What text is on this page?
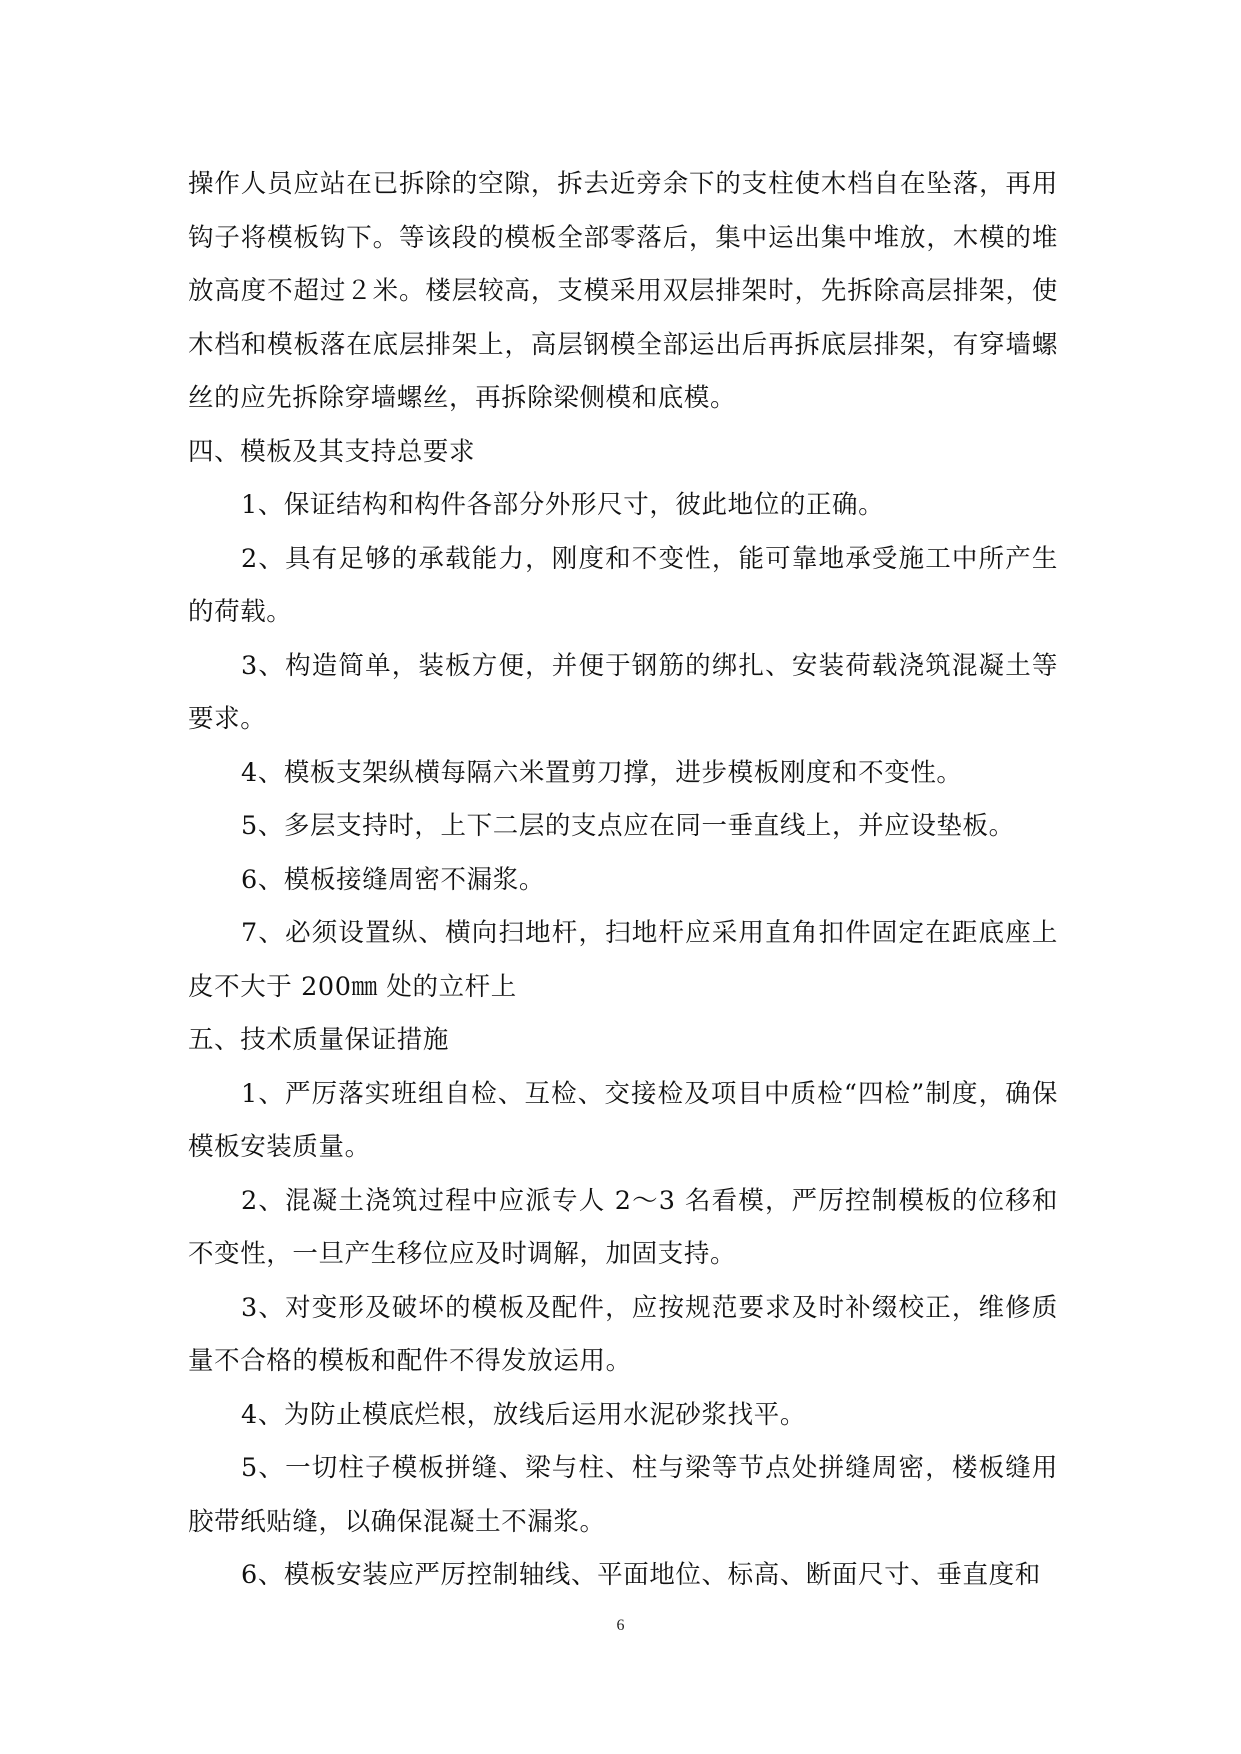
操作人员应站在已拆除的空隙，拆去近旁余下的支柱使木档自在坠落，再用钩子将模板钩下。等该段的模板全部零落后，集中运出集中堆放，木模的堆放高度不超过２米。楼层较高，支模采用双层排架时，先拆除高层排架，使木档和模板落在底层排架上，高层钢模全部运出后再拆底层排架，有穿墙螺丝的应先拆除穿墙螺丝，再拆除梁侧模和底模。

四、模板及其支持总要求

1、保证结构和构件各部分外形尺寸，彼此地位的正确。

2、具有足够的承载能力，刚度和不变性，能可靠地承受施工中所产生的荷载。

3、构造简单，装板方便，并便于钢筋的绑扎、安装荷载浇筑混凝土等要求。

4、模板支架纵横每隔六米置剪刀撑，进步模板刚度和不变性。

5、多层支持时，上下二层的支点应在同一垂直线上，并应设垫板。

6、模板接缝周密不漏浆。

7、必须设置纵、横向扫地杆，扫地杆应采用直角扣件固定在距底座上皮不大于 200㎜ 处的立杆上

五、技术质量保证措施

1、严厉落实班组自检、互检、交接检及项目中质检“四检”制度，确保模板安装质量。

2、混凝土浇筑过程中应派专人 2～3 名看模，严厉控制模板的位移和不变性，一旦产生移位应及时调解，加固支持。

3、对变形及破坏的模板及配件，应按规范要求及时补缀校正，维修质量不合格的模板和配件不得发放运用。

4、为防止模底烂根，放线后运用水泥砂浆找平。

5、一切柱子模板拼缝、梁与柱、柱与梁等节点处拼缝周密，楼板缝用胶带纸贴缝，以确保混凝土不漏浆。

6、模板安装应严厉控制轴线、平面地位、标高、断面尺寸、垂直度和

6
